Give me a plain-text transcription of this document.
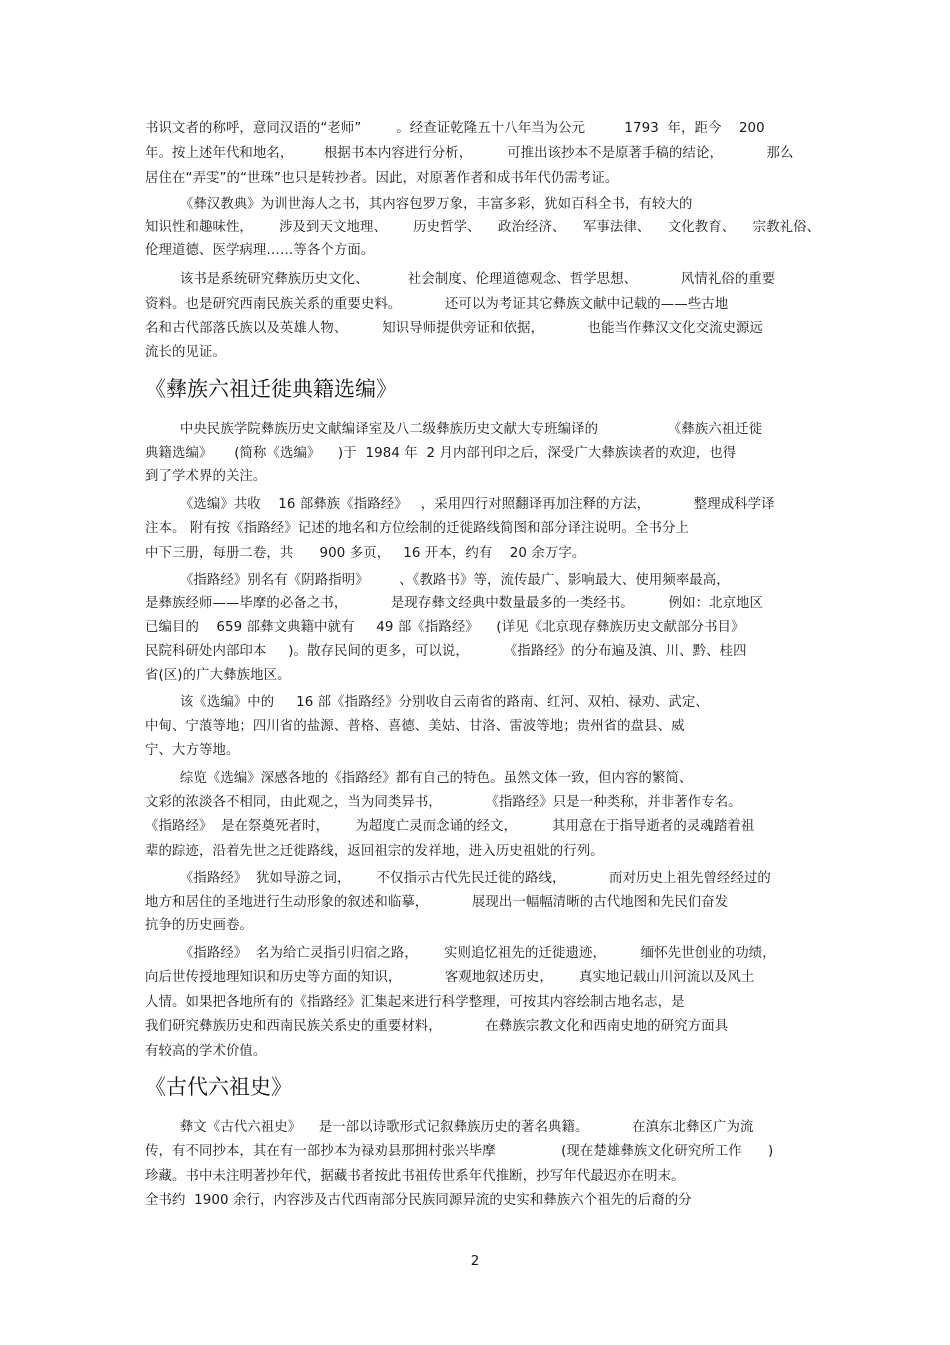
书识文者的称呼，意同汉语的“老师”        。经查证乾隆五十八年当为公元         1793  年，距今    200
年。按上述年代和地名，       根据书本内容进行分析，        可推出该抄本不是原著手稿的结论，          那么
居住在“弄雯”的“世珠”也只是转抄者。因此，对原著作者和成书年代仍需考证。
《彝汉教典》为训世海人之书，其内容包罗万象，丰富多彩，犹如百科全书，有较大的
知识性和趣味性，      涉及到天文地理、      历史哲学、    政治经济、    军事法律、    文化教育、    宗教礼俗、
伦理道德、医学病理……等各个方面。
该书是系统研究彝族历史文化、         社会制度、伦理道德观念、哲学思想、          风情礼俗的重要
资料。也是研究西南民族关系的重要史料。          还可以为考证其它彝族文献中记载的——些古地
名和古代部落氏族以及英雄人物、        知识导师提供旁证和依据，          也能当作彝汉文化交流史源远
流长的见证。
《彝族六祖迁徙典籍选编》
中央民族学院彝族历史文献编译室及八二级彝族历史文献大专班编译的                《彝族六祖迁徙
典籍选编》     (简称《选编》    )于  1984 年  2 月内部刊印之后，深受广大彝族读者的欢迎，也得
到了学术界的关注。
《选编》共收    16 部彝族《指路经》   ，采用四行对照翻译再加注释的方法，          整理成科学译
注本。 附有按《指路经》记述的地名和方位绘制的迁徙路线简图和部分译注说明。全书分上
中下三册，每册二卷，共      900 多页，   16 开本，约有    20 余万字。
《指路经》别名有《阴路指明》       、《教路书》等，流传最广、影响最大、使用频率最高，
是彝族经师——毕摩的必备之书，          是现存彝文经典中数量最多的一类经书。        例如：北京地区
已编目的    659 部彝文典籍中就有     49 部《指路经》    (详见《北京现存彝族历史文献部分书目》
民院科研处内部印本     )。散存民间的更多，可以说，        《指路经》的分布遍及滇、川、黔、桂四
省(区)的广大彝族地区。
该《选编》中的     16 部《指路经》分别收自云南省的路南、红河、双柏、禄劝、武定、
中甸、宁蒗等地；四川省的盐源、普格、喜德、美姑、甘洛、雷波等地；贵州省的盘县、威
宁、大方等地。
综览《选编》深感各地的《指路经》都有自己的特色。虽然文体一致，但内容的繁简、
文彩的浓淡各不相同，由此观之，当为同类异书，          《指路经》只是一种类称，并非著作专名。
《指路经》  是在祭奠死者时，      为超度亡灵而念诵的经文，        其用意在于指导逝者的灵魂踏着祖
辈的踪迹，沿着先世之迁徙路线，返回祖宗的发祥地，进入历史祖妣的行列。
《指路经》  犹如导游之词，      不仅指示古代先民迁徙的路线，          而对历史上祖先曾经经过的
地方和居住的圣地进行生动形象的叙述和临摹，          展现出一幅幅清晰的古代地图和先民们奋发
抗争的历史画卷。
《指路经》  名为给亡灵指引归宿之路，      实则追忆祖先的迁徙遗迹，        缅怀先世创业的功绩，
向后世传授地理知识和历史等方面的知识，          客观地叙述历史，      真实地记载山川河流以及风土
人情。如果把各地所有的《指路经》汇集起来进行科学整理，可按其内容绘制古地名志，是
我们研究彝族历史和西南民族关系史的重要材料，          在彝族宗教文化和西南史地的研究方面具
有较高的学术价值。
《古代六祖史》
彝文《古代六祖史》    是一部以诗歌形式记叙彝族历史的著名典籍。          在滇东北彝区广为流
传，有不同抄本，其在有一部抄本为禄劝县那拥村张兴毕摩               (现在楚雄彝族文化研究所工作      )
珍藏。书中未注明著抄年代，据藏书者按此书祖传世系年代推断，抄写年代最迟亦在明末。
全书约  1900 余行，内容涉及古代西南部分民族同源异流的史实和彝族六个祖先的后裔的分
2
